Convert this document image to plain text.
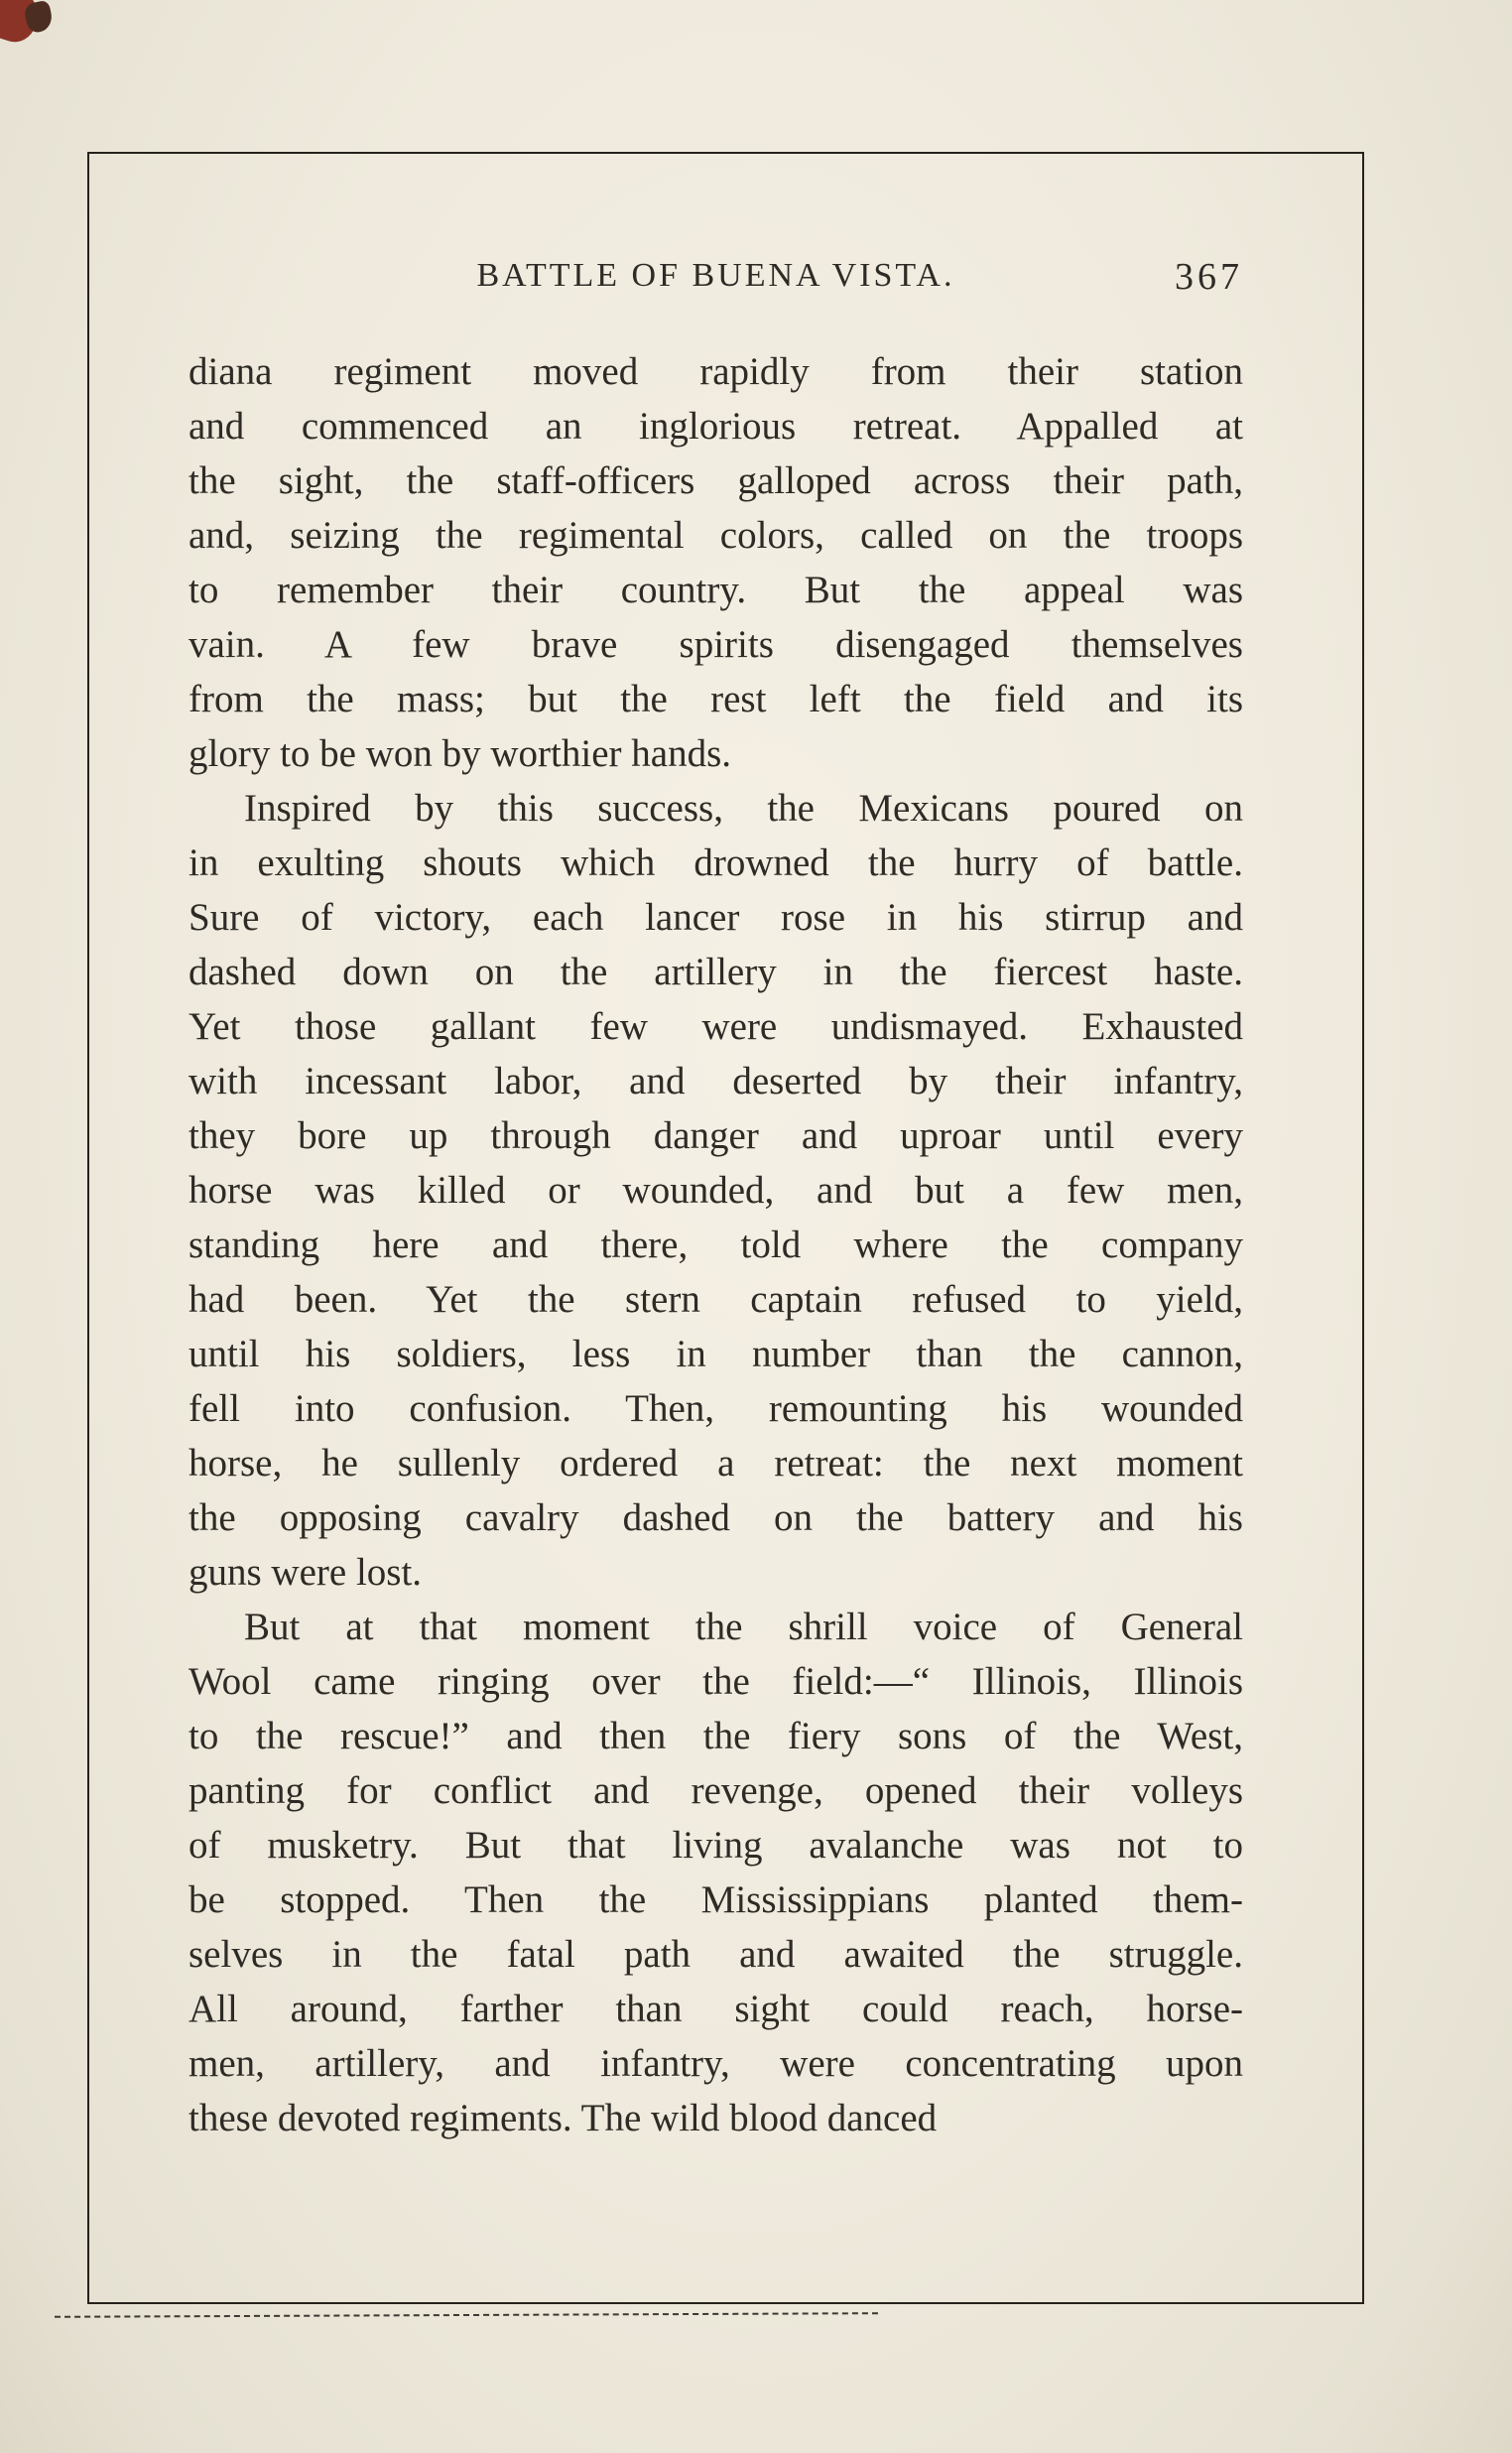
BATTLE OF BUENA VISTA.	367
diana regiment moved rapidly from their station
and commenced an inglorious retreat. Appalled at
the sight, the staff-officers galloped across their path,
and, seizing the regimental colors, called on the troops
to remember their country. But the appeal was
vain. A few brave spirits disengaged themselves
from the mass; but the rest left the field and its
glory to be won by worthier hands.
Inspired by this success, the Mexicans poured on
in exulting shouts which drowned the hurry of battle.
Sure of victory, each lancer rose in his stirrup and
dashed down on the artillery in the fiercest haste.
Yet those gallant few were undismayed. Exhausted
with incessant labor, and deserted by their infantry,
they bore up through danger and uproar until every
horse was killed or wounded, and but a few men,
standing here and there, told where the company
had been. Yet the stern captain refused to yield,
until his soldiers, less in number than the cannon,
fell into confusion. Then, remounting his wounded
horse, he sullenly ordered a retreat: the next moment
the opposing cavalry dashed on the battery and his
guns were lost.
But at that moment the shrill voice of General
Wool came ringing over the field:—“ Illinois, Illinois
to the rescue!” and then the fiery sons of the West,
panting for conflict and revenge, opened their volleys
of musketry. But that living avalanche was not to
be stopped. Then the Mississippians planted them-
selves in the fatal path and awaited the struggle.
All around, farther than sight could reach, horse-
men, artillery, and infantry, were concentrating upon
these devoted regiments. The wild blood danced
